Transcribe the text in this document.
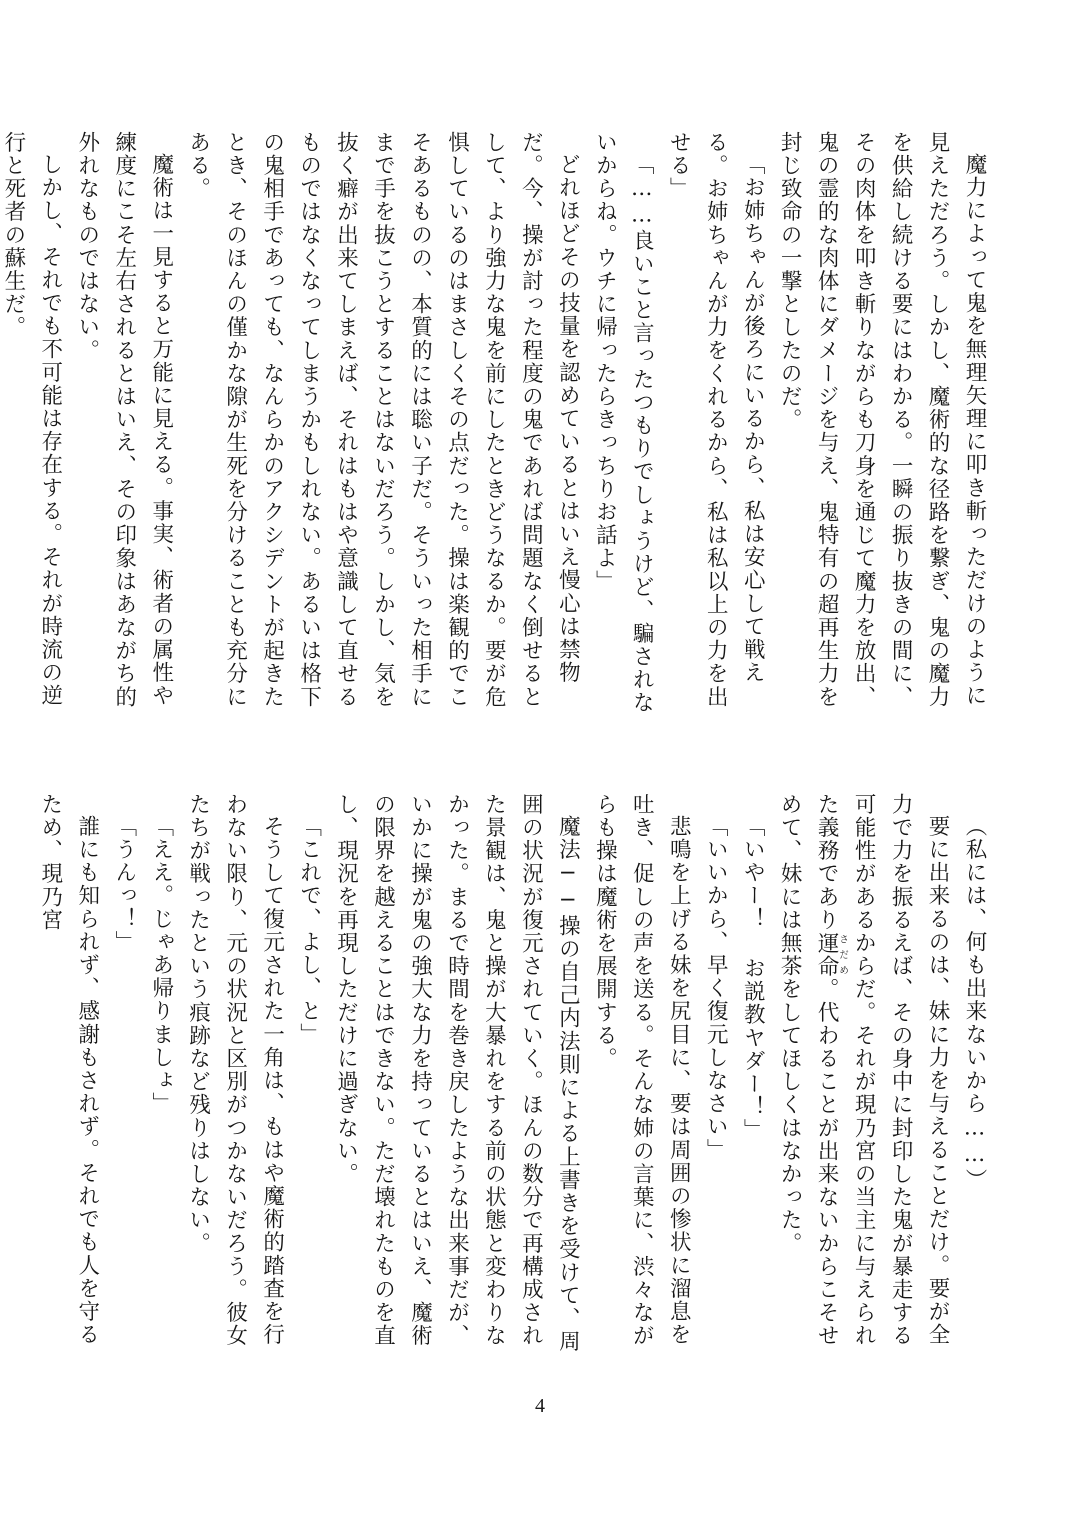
魔力によって鬼を無理矢理に叩き斬っただけのように見えただろう。しかし、魔術的な径路を繋ぎ、鬼の魔力を供給し続ける要にはわかる。一瞬の振り抜きの間に、その肉体を叩き斬りながらも刀身を通じて魔力を放出、鬼の霊的な肉体にダメージを与え、鬼特有の超再生力を封じ致命の一撃としたのだ。

「お姉ちゃんが後ろにいるから、私は安心して戦える。お姉ちゃんが力をくれるから、私は私以上の力を出せる」

「……良いこと言ったつもりでしょうけど、騙されないからね。ウチに帰ったらきっちりお話よ」

どれほどその技量を認めているとはいえ慢心は禁物だ。今、操が討った程度の鬼であれば問題なく倒せるとして、より強力な鬼を前にしたときどうなるか。要が危惧しているのはまさしくその点だった。操は楽観的でこそあるものの、本質的には聡い子だ。そういった相手にまで手を抜こうとすることはないだろう。しかし、気を抜く癖が出来てしまえば、それはもはや意識して直せるものではなくなってしまうかもしれない。あるいは格下の鬼相手であっても、なんらかのアクシデントが起きたとき、そのほんの僅かな隙が生死を分けることも充分にある。

魔術は一見すると万能に見える。事実、術者の属性や練度にこそ左右されるとはいえ、その印象はあながち的外れなものではない。

しかし、それでも不可能は存在する。それが時流の逆行と死者の蘇生だ。

（私には、何も出来ないから……）

要に出来るのは、妹に力を与えることだけ。要が全力で力を振るえば、その身中に封印した鬼が暴走する可能性があるからだ。それが現乃宮の当主に与えられた義務であり運命さだめ。代わることが出来ないからこそせめて、妹には無茶をしてほしくはなかった。

「いやー！ お説教ヤダー！」

「いいから、早く復元しなさい」

悲鳴を上げる妹を尻目に、要は周囲の惨状に溜息を吐き、促しの声を送る。そんな姉の言葉に、渋々ながらも操は魔術を展開する。

魔法──操の自己内法則による上書きを受けて、周囲の状況が復元されていく。ほんの数分で再構成された景観は、鬼と操が大暴れをする前の状態と変わりなかった。まるで時間を巻き戻したような出来事だが、いかに操が鬼の強大な力を持っているとはいえ、魔術の限界を越えることはできない。ただ壊れたものを直し、現況を再現しただけに過ぎない。

「これで、よし、と」

そうして復元された一角は、もはや魔術的踏査を行わない限り、元の状況と区別がつかないだろう。彼女たちが戦ったという痕跡など残りはしない。

「ええ。じゃあ帰りましょ」

「うんっ！」

誰にも知られず、感謝もされず。それでも人を守るため、現乃宮

4
